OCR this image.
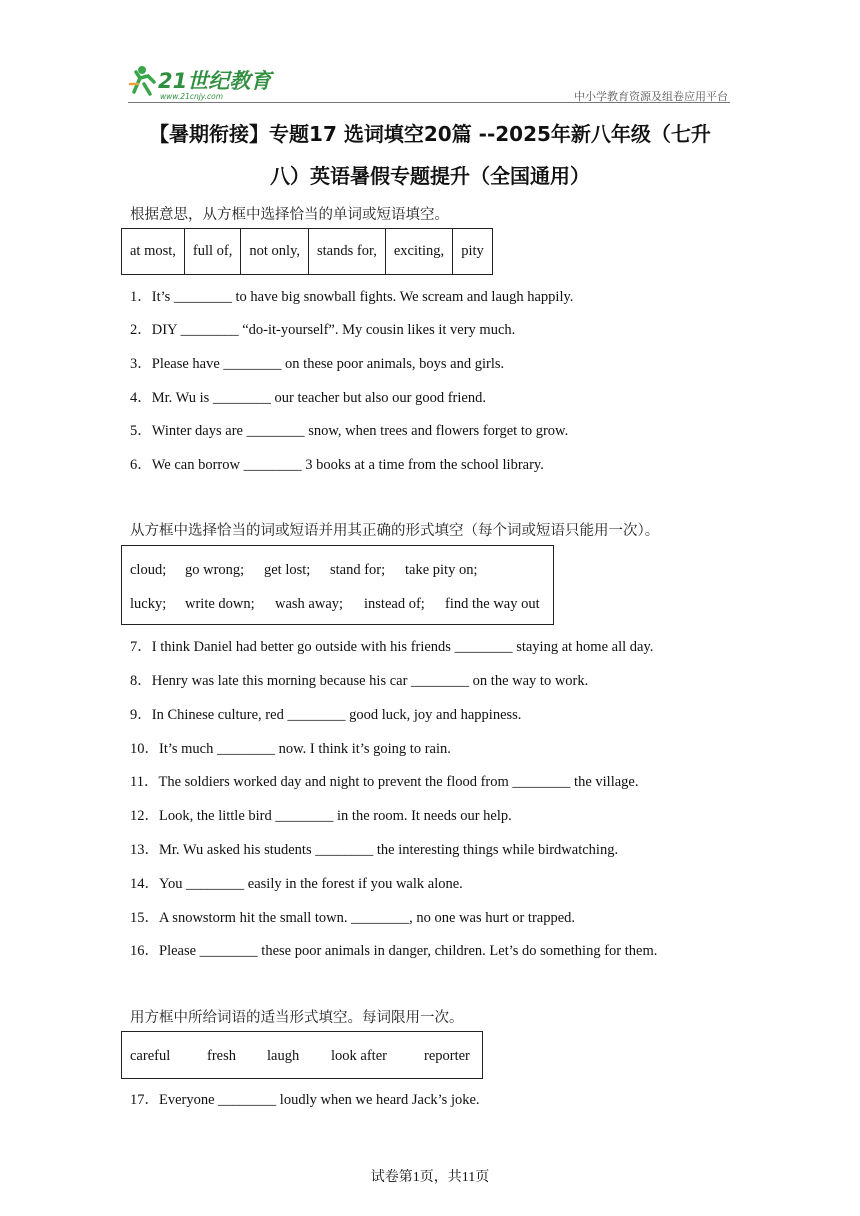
21世纪教育
www.21cnjy.com	中小学教育资源及组卷应用平台
【暑期衔接】专题17 选词填空20篇 --2025年新八年级（七升
八）英语暑假专题提升（全国通用）
根据意思，从方框中选择恰当的单词或短语填空。
at most,	full of,	not only,	stands for,	exciting,	pity
1．It’s ________ to have big snowball fights. We scream and laugh happily.
2．DIY ________ “do-it-yourself”. My cousin likes it very much.
3．Please have ________ on these poor animals, boys and girls.
4．Mr. Wu is ________ our teacher but also our good friend.
5．Winter days are ________ snow, when trees and flowers forget to grow.
6．We can borrow ________ 3 books at a time from the school library.
从方框中选择恰当的词或短语并用其正确的形式填空（每个词或短语只能用一次）。
cloud; go wrong; get lost; stand for; take pity on;
lucky; write down; wash away; instead of; find the way out
7．I think Daniel had better go outside with his friends ________ staying at home all day.
8．Henry was late this morning because his car ________ on the way to work.
9．In Chinese culture, red ________ good luck, joy and happiness.
10．It’s much ________ now. I think it’s going to rain.
11．The soldiers worked day and night to prevent the flood from ________ the village.
12．Look, the little bird ________ in the room. It needs our help.
13．Mr. Wu asked his students ________ the interesting things while birdwatching.
14．You ________ easily in the forest if you walk alone.
15．A snowstorm hit the small town. ________, no one was hurt or trapped.
16．Please ________ these poor animals in danger, children. Let’s do something for them.
用方框中所给词语的适当形式填空。每词限用一次。
careful	fresh laugh look after	reporter
17．Everyone ________ loudly when we heard Jack’s joke.
试卷第1页，共11页
